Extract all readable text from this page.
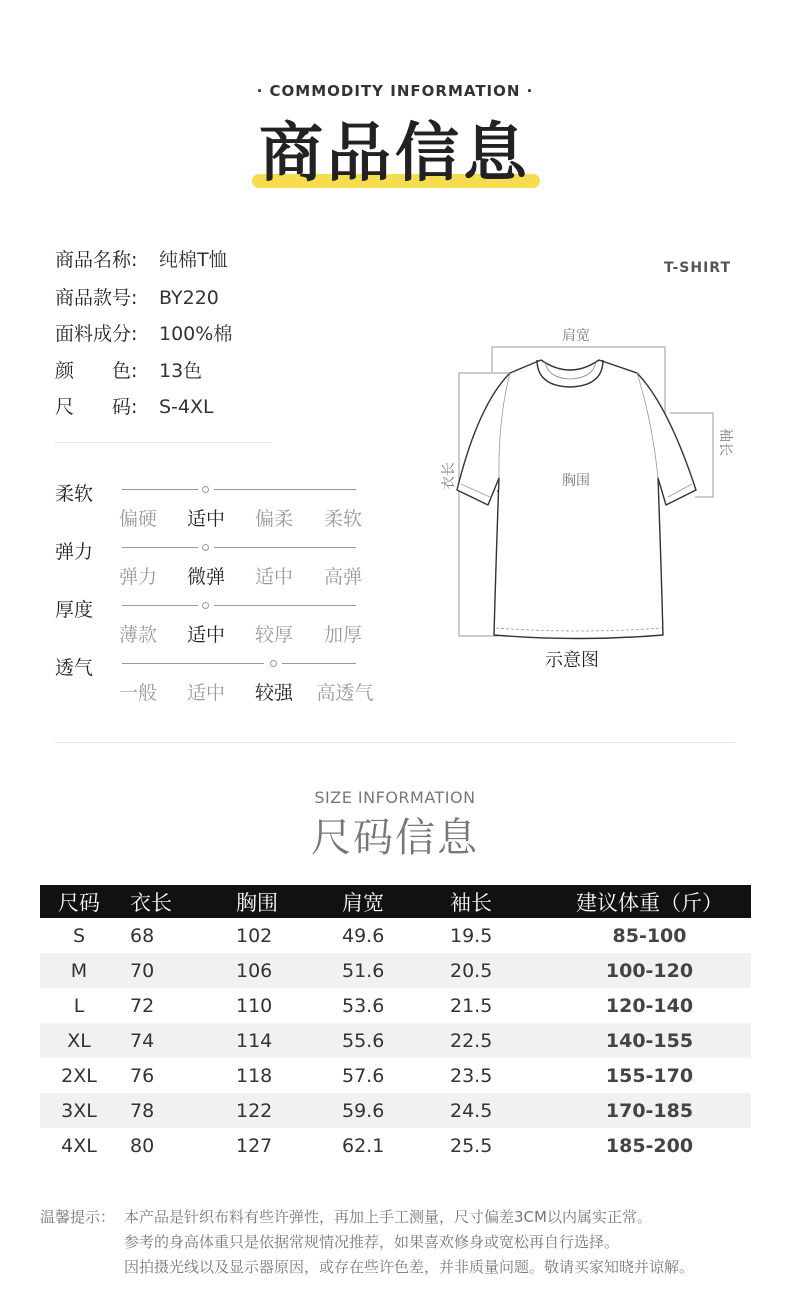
· COMMODITY INFORMATION ·
商品信息
商品名称: 纯棉T恤
商品款号: BY220
面料成分: 100%棉
颜　　色: 13色
尺　　码: S-4XL
柔软
偏硬	适中	偏柔	柔软
弹力
弹力	微弹	适中	高弹
厚度
薄款	适中	较厚	加厚
透气
一般	适中	较强	高透气
T-SHIRT
肩宽
胸围
衣长
袖长
示意图
SIZE INFORMATION
尺码信息
尺码	衣长	胸围	肩宽	袖长	建议体重（斤）
S	68	102	49.6	19.5	85-100
M	70	106	51.6	20.5	100-120
L	72	110	53.6	21.5	120-140
XL	74	114	55.6	22.5	140-155
2XL	76	118	57.6	23.5	155-170
3XL	78	122	59.6	24.5	170-185
4XL	80	127	62.1	25.5	185-200
温馨提示： 本产品是针织布料有些许弹性，再加上手工测量，尺寸偏差3CM以内属实正常。
参考的身高体重只是依据常规情况推荐，如果喜欢修身或宽松再自行选择。
因拍摄光线以及显示器原因，或存在些许色差，并非质量问题。敬请买家知晓并谅解。
